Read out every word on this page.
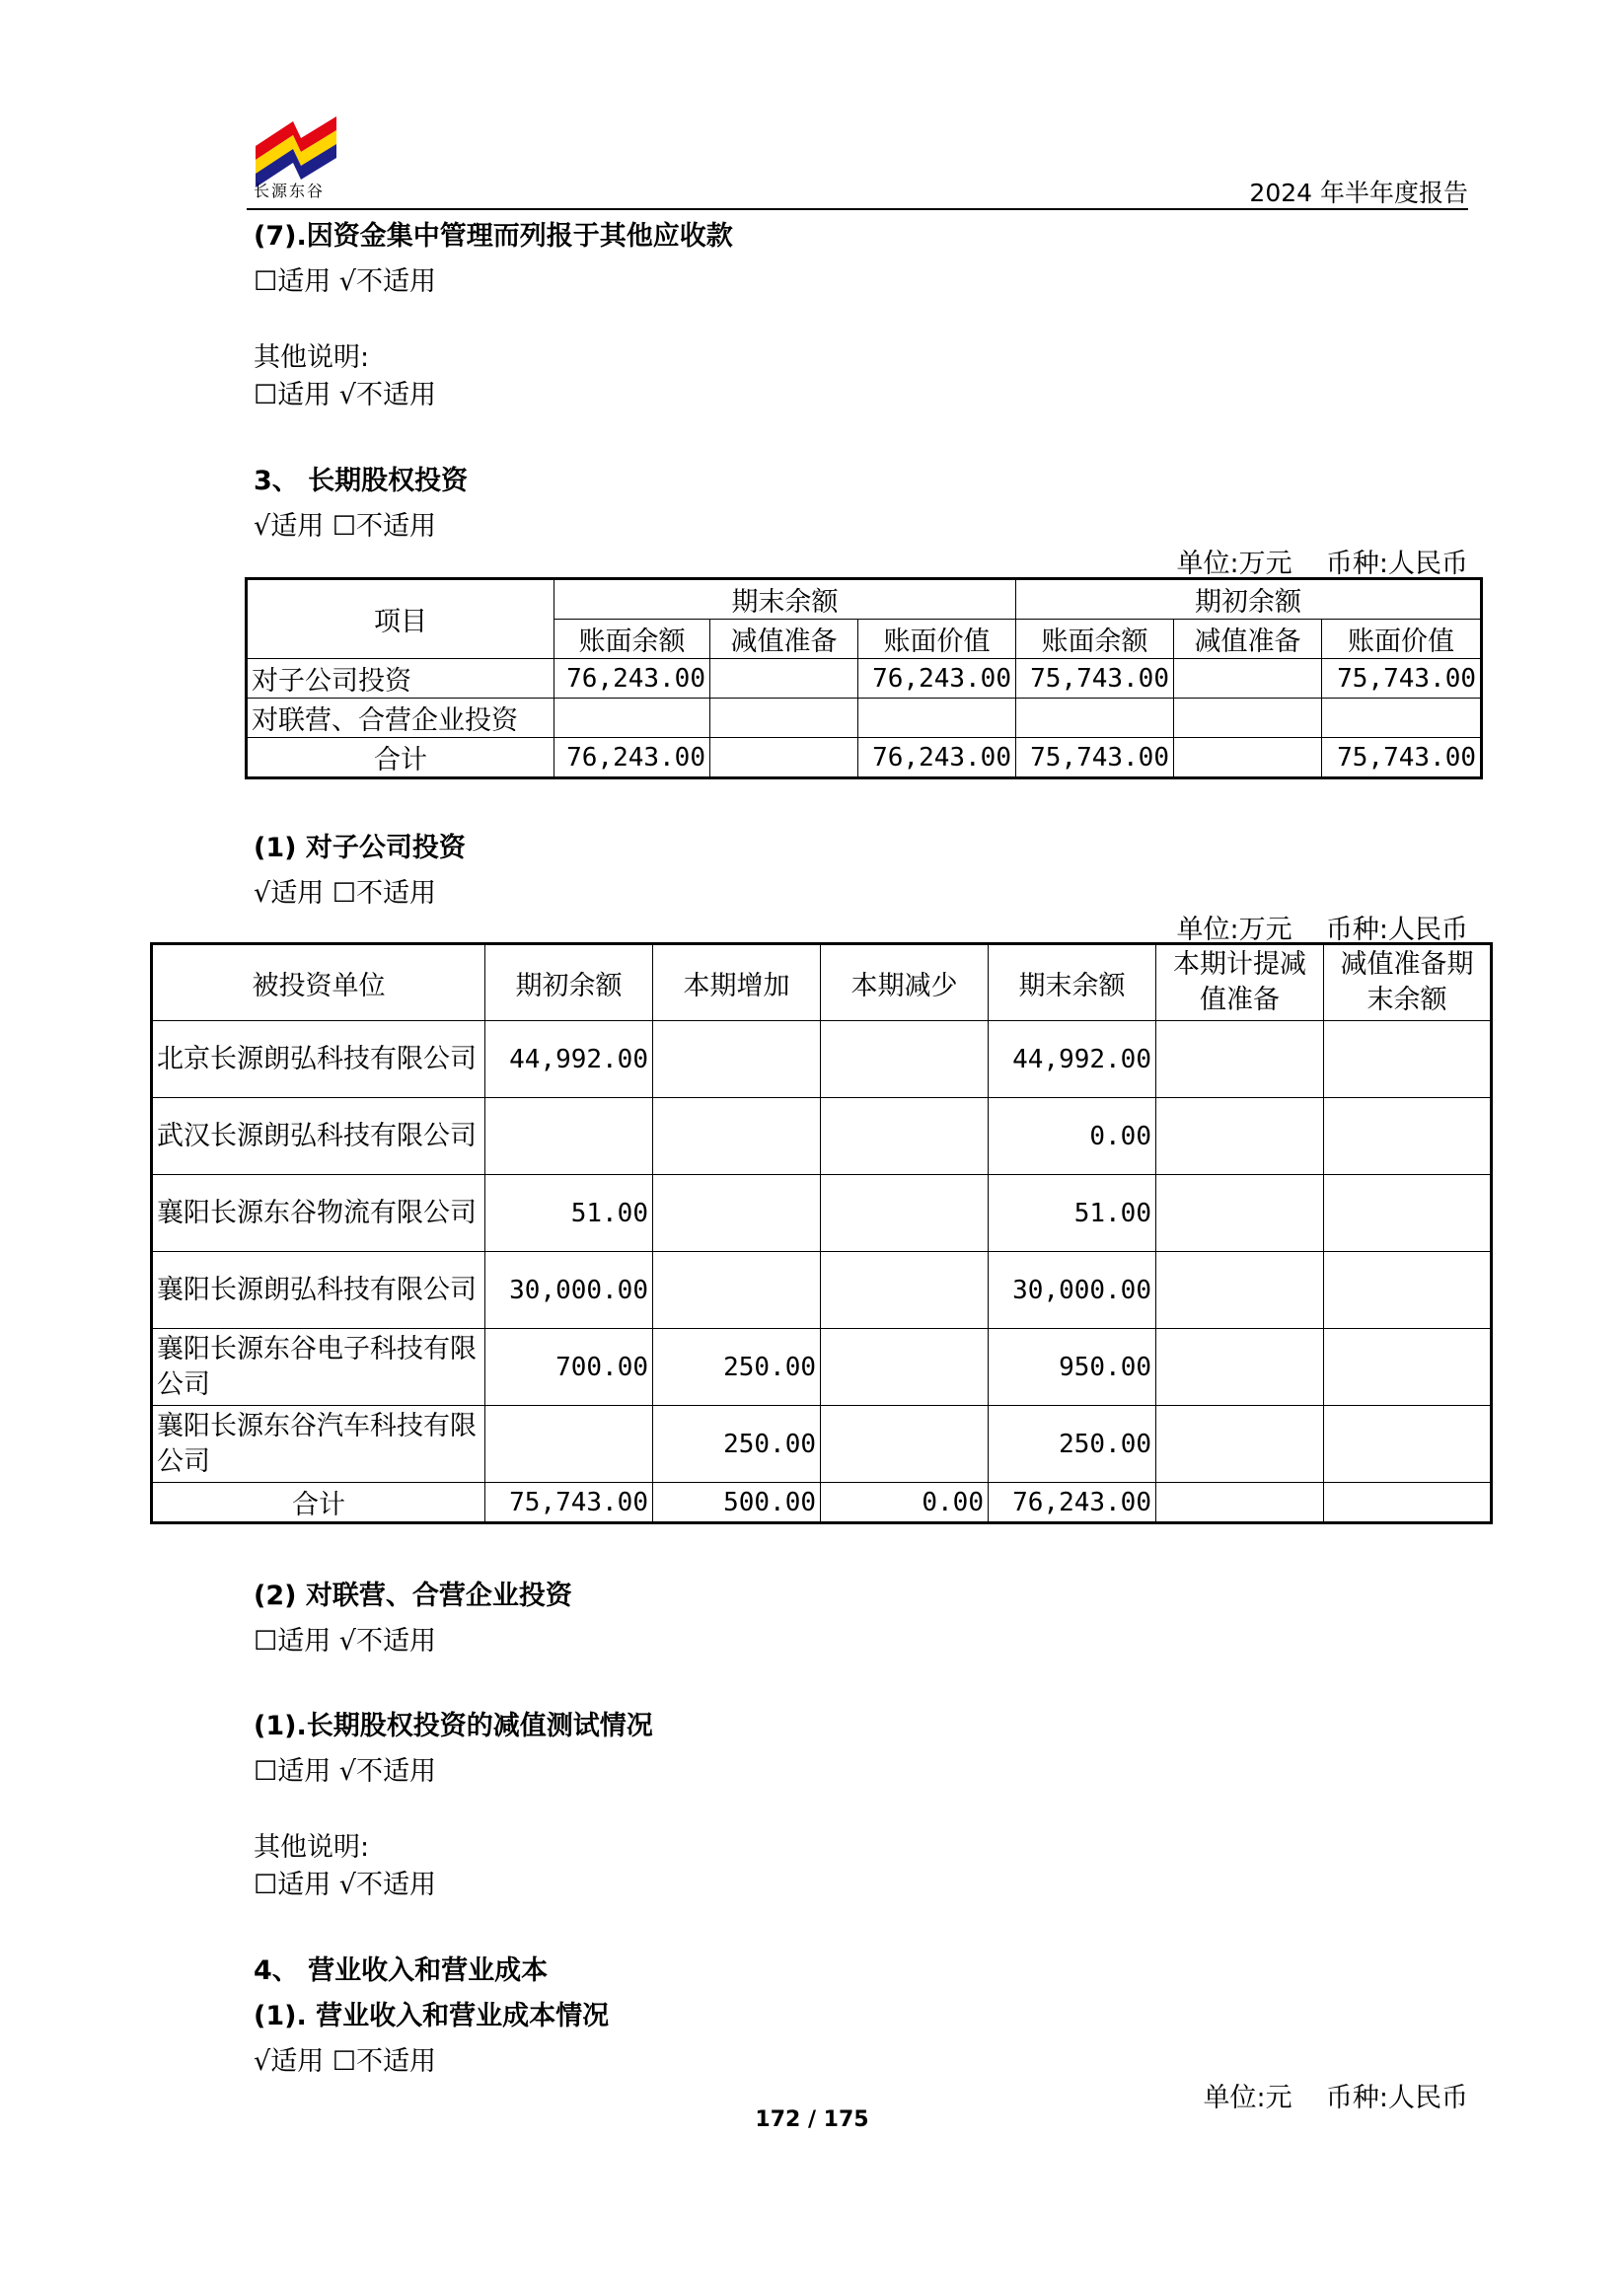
长源东谷	2024 年半年度报告
(7).因资金集中管理而列报于其他应收款
☐适用 √不适用
其他说明:
☐适用 √不适用
3、 长期股权投资
√适用 ☐不适用
单位:万元    币种:人民币
项目	期末余额			期初余额		
	账面余额	减值准备	账面价值	账面余额	减值准备	账面价值
对子公司投资	76,243.00		76,243.00	75,743.00		75,743.00
对联营、合营企业投资						
合计	76,243.00		76,243.00	75,743.00		75,743.00
(1) 对子公司投资
√适用 ☐不适用
单位:万元    币种:人民币
被投资单位	期初余额	本期增加	本期减少	期末余额	本期计提减值准备	减值准备期末余额
北京长源朗弘科技有限公司	44,992.00			44,992.00		
武汉长源朗弘科技有限公司				0.00		
襄阳长源东谷物流有限公司	51.00			51.00		
襄阳长源朗弘科技有限公司	30,000.00			30,000.00		
襄阳长源东谷电子科技有限公司	700.00	250.00		950.00		
襄阳长源东谷汽车科技有限公司		250.00		250.00		
合计	75,743.00	500.00	0.00	76,243.00		
(2) 对联营、合营企业投资
☐适用 √不适用
(1).长期股权投资的减值测试情况
☐适用 √不适用
其他说明:
☐适用 √不适用
4、 营业收入和营业成本
(1). 营业收入和营业成本情况
√适用 ☐不适用
单位:元    币种:人民币
172 / 175
